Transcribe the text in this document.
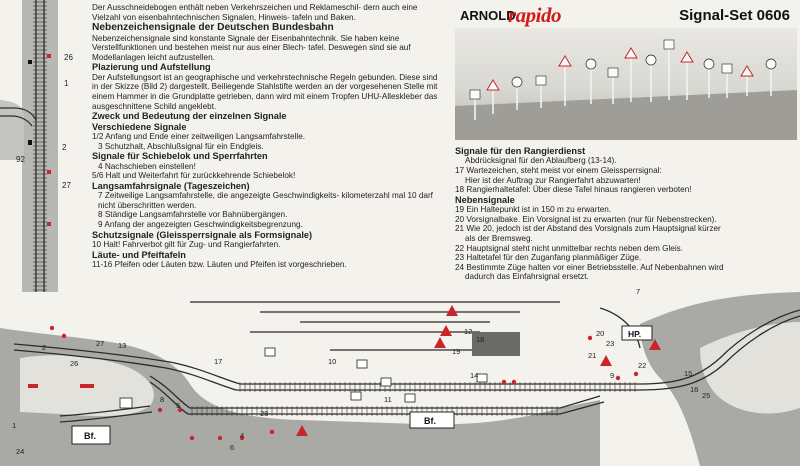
26
1
2
92
27

Der Ausschneidebogen enthält neben Verkehrszeichen und Reklameschil- dern auch eine Vielzahl von eisenbahntechnischen Signalen, Hinweis- tafeln und Baken.

Nebenzeichensignale der Deutschen Bundesbahn

Nebenzeichensignale sind konstante Signale der Eisenbahntechnik. Sie haben keine Verstellfunktionen und bestehen meist nur aus einer Blech- tafel. Deswegen sind sie auf Modellanlagen leicht aufzustellen.

Plazierung und Aufstellung

Der Aufstellungsort ist an geographische und verkehrstechnische Regeln gebunden. Diese sind in der Skizze (Bild 2) dargestellt. Beiliegende Stahlstifte werden an der vorgesehenen Stelle mit einem Hammer in die Grundplatte getrieben, dann wird mit einem Tropfen UHU-Alleskleber das ausgeschnittene Schild angeklebt.

Zweck und Bedeutung der einzelnen Signale

Verschiedene Signale

1/2 Anfang und Ende einer zeitweiligen Langsamfahrstelle.

3 Schutzhalt, Abschlußsignal für ein Endgleis.

Signale für Schiebelok und Sperrfahrten

4 Nachschieben einstellen!

5/6 Halt und Weiterfahrt für zurückkehrende Schiebelok!

Langsamfahrsignale (Tageszeichen)

7 Zeitweilige Langsamfahrstelle, die angezeigte Geschwindigkeits- kilometerzahl mal 10 darf nicht überschritten werden.

8 Ständige Langsamfahrstelle vor Bahnübergängen.

9 Anfang der angezeigten Geschwindigkeitsbegrenzung.

Schutzsignale (Gleissperrsignale als Formsignale)

10 Halt! Fahrverbot gilt für Zug- und Rangierfahrten.

Läute- und Pfeiftafeln

11-16 Pfeifen oder Läuten bzw. Läuten und Pfeifen ist vorgeschrieben.

ARNOLD
rapido	Signal-Set 0606

Signale für den Rangierdienst

Abdrücksignal für den Ablaufberg (13-14).

17 Wartezeichen, steht meist vor einem Gleissperrsignal:

Hier ist der Auftrag zur Rangierfahrt abzuwarten!

18 Rangierhaltetafel: Über diese Tafel hinaus rangieren verboten!

Nebensignale

19 Ein Haltepunkt ist in 150 m zu erwarten.

20 Vorsignalbake. Ein Vorsignal ist zu erwarten (nur für Nebenstrecken).

21 Wie 20, jedoch ist der Abstand des Vorsignals zum Hauptsignal kürzer

als der Bremsweg.

22 Hauptsignal steht nicht unmittelbar rechts neben dem Gleis.

23 Haltetafel für den Zuganfang planmäßiger Züge.

24 Bestimmte Züge halten vor einer Betriebsstelle. Auf Nebenbahnen wird

dadurch das Einfahrsignal ersetzt.

Bf.
Bf.
HP.
1
2
4
5
6
7
8
9
10
11
12
13
14	15
16
17
18
19
20
21
22
23
24
25
26
27
28
